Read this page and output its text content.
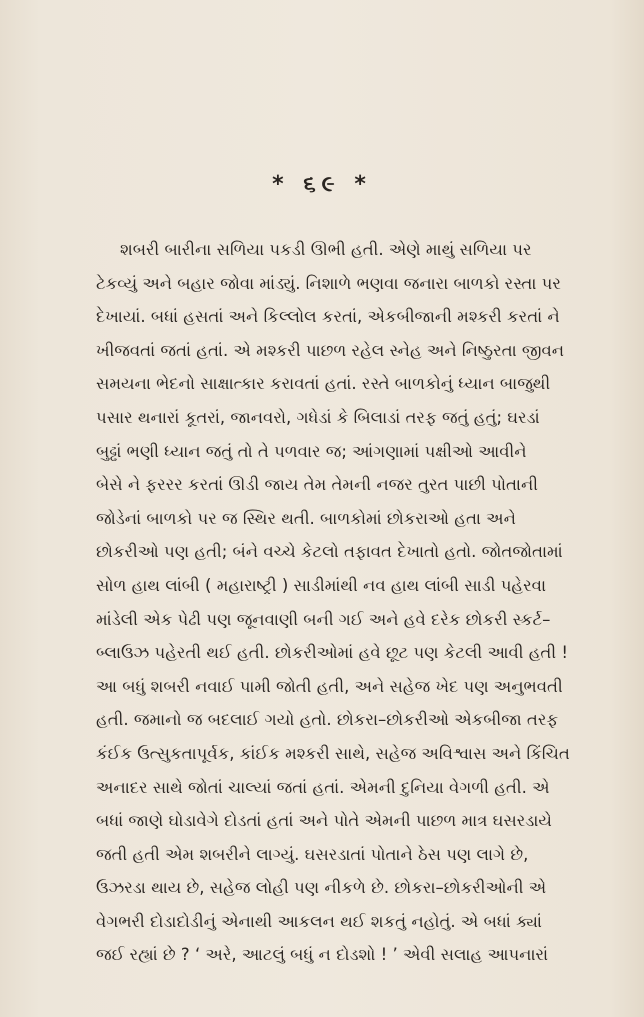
* ૬૯ *
શબરી બારીના સળિયા પકડી ઊભી હતી. એણે માથું સળિયા પર
ટેકવ્યું અને બહાર જોવા માંડ્યું. નિશાળે ભણવા જનારા બાળકો રસ્તા પર
દેખાયાં. બધાં હસતાં અને કિલ્લોલ કરતાં, એકબીજાની મશ્કરી કરતાં ને
ખીજવતાં જતાં હતાં. એ મશ્કરી પાછળ રહેલ સ્નેહ અને નિષ્ઠુરતા જીવન
સમયના ભેદનો સાક્ષાત્કાર કરાવતાં હતાં. રસ્તે બાળકોનું ધ્યાન બાજુથી
પસાર થનારાં કૂતરાં, જાનવરો, ગધેડાં કે બિલાડાં તરફ જતું હતું; ઘરડાં
બુઢ્ઢાં ભણી ધ્યાન જતું તો તે પળવાર જ; આંગણામાં પક્ષીઓ આવીને
બેસે ને ફરરર કરતાં ઊડી જાય તેમ તેમની નજર તુરત પાછી પોતાની
જોડેનાં બાળકો પર જ સ્થિર થતી. બાળકોમાં છોકરાઓ હતા અને
છોકરીઓ પણ હતી; બંને વચ્ચે કેટલો તફાવત દેખાતો હતો. જોતજોતામાં
સોળ હાથ લાંબી ( મહારાષ્ટ્રી ) સાડીમાંથી નવ હાથ લાંબી સાડી પહેરવા
માંડેલી એક પેઢી પણ જૂનવાણી બની ગઈ અને હવે દરેક છોકરી સ્કર્ટ–
બ્લાઉઝ પહેરતી થઈ હતી. છોકરીઓમાં હવે છૂટ પણ કેટલી આવી હતી !
આ બધું શબરી નવાઈ પામી જોતી હતી, અને સહેજ ખેદ પણ અનુભવતી
હતી. જમાનો જ બદલાઈ ગયો હતો. છોકરા–છોકરીઓ એકબીજા તરફ
કંઈક ઉત્સુકતાપૂર્વક, કાંઈક મશ્કરી સાથે, સહેજ અવિશ્વાસ અને કિંચિત
અનાદર સાથે જોતાં ચાલ્યાં જતાં હતાં. એમની દુનિયા વેગળી હતી. એ
બધાં જાણે ઘોડાવેગે દોડતાં હતાં અને પોતે એમની પાછળ માત્ર ઘસરડાયે
જતી હતી એમ શબરીને લાગ્યું. ઘસરડાતાં પોતાને ઠેસ પણ લાગે છે,
ઉઝરડા થાય છે, સહેજ લોહી પણ નીકળે છે. છોકરા–છોકરીઓની એ
વેગભરી દોડાદોડીનું એનાથી આકલન થઈ શકતું નહોતું. એ બધાં ક્યાં
જઈ રહ્યાં છે ? ‘ અરે, આટલું બધું ન દોડશો ! ’ એવી સલાહ આપનારાં
